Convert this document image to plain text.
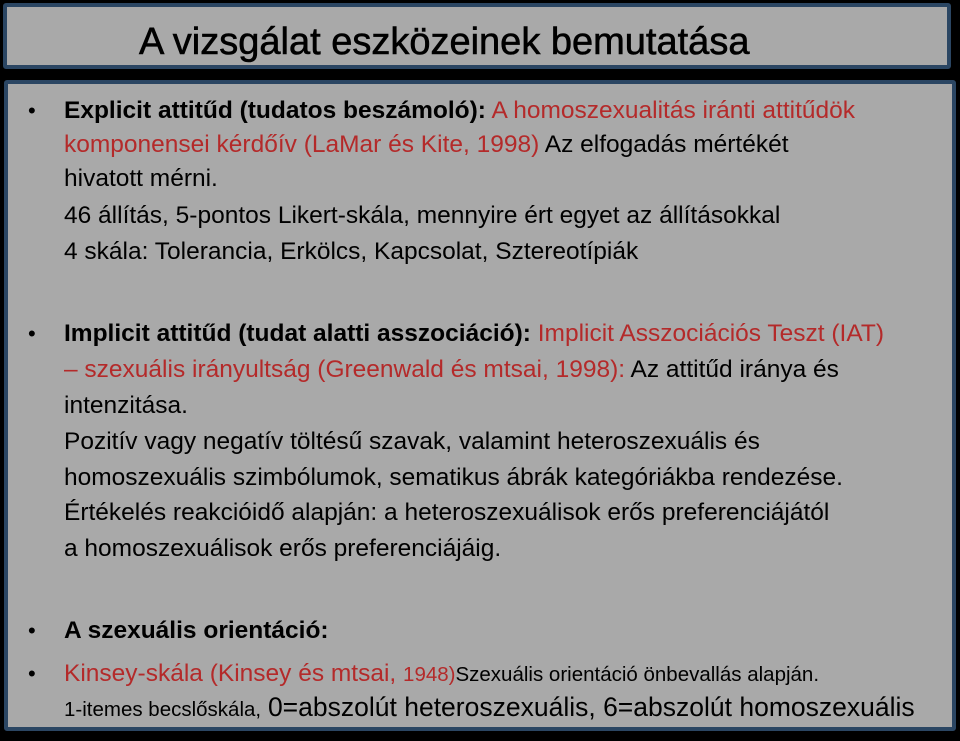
A vizsgálat eszközeinek bemutatása
• Explicit attitűd (tudatos beszámoló): A homoszexualitás iránti attitűdök
komponensei kérdőív (LaMar és Kite, 1998) Az elfogadás mértékét
hivatott mérni.
46 állítás, 5-pontos Likert-skála, mennyire ért egyet az állításokkal
4 skála: Tolerancia, Erkölcs, Kapcsolat, Sztereotípiák
• Implicit attitűd (tudat alatti asszociáció): Implicit Asszociációs Teszt (IAT)
– szexuális irányultság (Greenwald és mtsai, 1998): Az attitűd iránya és
intenzitása.
Pozitív vagy negatív töltésű szavak, valamint heteroszexuális és
homoszexuális szimbólumok, sematikus ábrák kategóriákba rendezése.
Értékelés reakcióidő alapján: a heteroszexuálisok erős preferenciájától
a homoszexuálisok erős preferenciájáig.
• A szexuális orientáció:
• Kinsey-skála (Kinsey és mtsai, 1948)Szexuális orientáció önbevallás alapján.
1-itemes becslőskála, 0=abszolút heteroszexuális, 6=abszolút homoszexuális
